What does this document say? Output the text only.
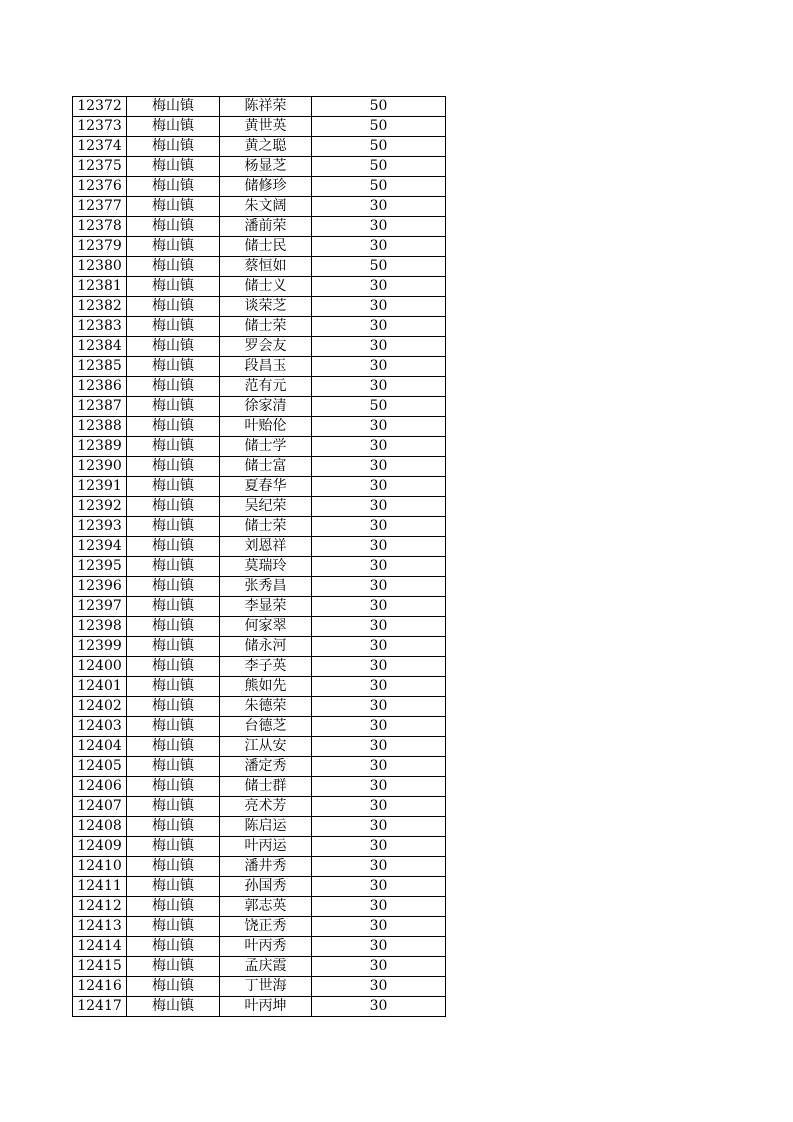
12372	梅山镇	陈祥荣	50
12373	梅山镇	黄世英	50
12374	梅山镇	黄之聪	50
12375	梅山镇	杨显芝	50
12376	梅山镇	储修珍	50
12377	梅山镇	朱文阔	30
12378	梅山镇	潘前荣	30
12379	梅山镇	储士民	30
12380	梅山镇	蔡恒如	50
12381	梅山镇	储士义	30
12382	梅山镇	谈荣芝	30
12383	梅山镇	储士荣	30
12384	梅山镇	罗会友	30
12385	梅山镇	段昌玉	30
12386	梅山镇	范有元	30
12387	梅山镇	徐家清	50
12388	梅山镇	叶贻伦	30
12389	梅山镇	储士学	30
12390	梅山镇	储士富	30
12391	梅山镇	夏春华	30
12392	梅山镇	吴纪荣	30
12393	梅山镇	储士荣	30
12394	梅山镇	刘恩祥	30
12395	梅山镇	莫瑞玲	30
12396	梅山镇	张秀昌	30
12397	梅山镇	李显荣	30
12398	梅山镇	何家翠	30
12399	梅山镇	储永河	30
12400	梅山镇	李子英	30
12401	梅山镇	熊如先	30
12402	梅山镇	朱德荣	30
12403	梅山镇	台德芝	30
12404	梅山镇	江从安	30
12405	梅山镇	潘定秀	30
12406	梅山镇	储士群	30
12407	梅山镇	亮术芳	30
12408	梅山镇	陈启运	30
12409	梅山镇	叶丙运	30
12410	梅山镇	潘井秀	30
12411	梅山镇	孙国秀	30
12412	梅山镇	郭志英	30
12413	梅山镇	饶正秀	30
12414	梅山镇	叶丙秀	30
12415	梅山镇	孟庆霞	30
12416	梅山镇	丁世海	30
12417	梅山镇	叶丙坤	30
